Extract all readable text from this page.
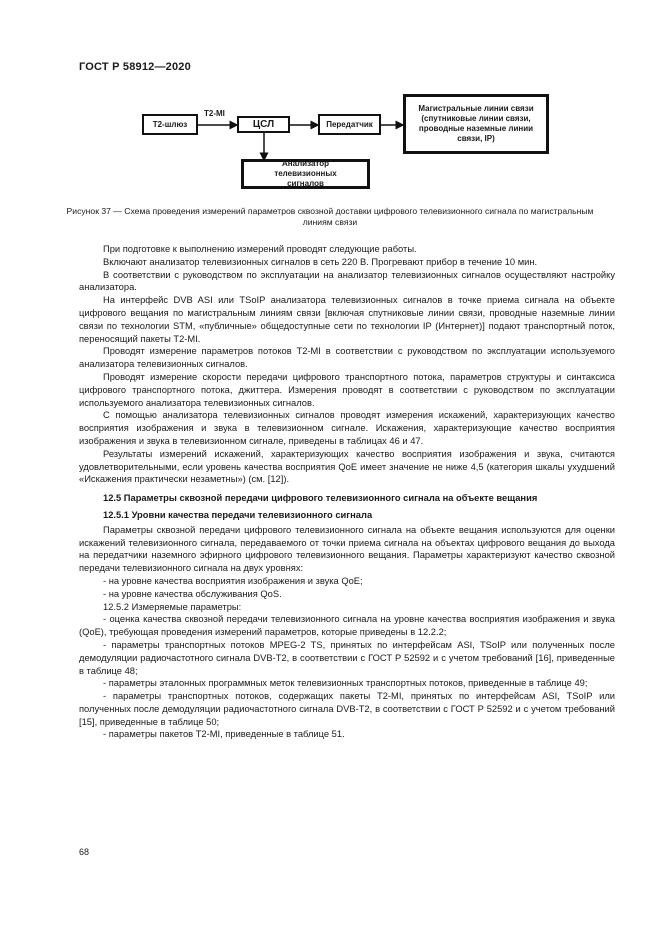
ГОСТ Р 58912—2020
Т2-шлюз
T2-MI
ЦСЛ	Передатчик
Магистральные линии связи (спутниковые линии связи, проводные наземные линии связи, IP)
Анализатор телевизионных сигналов
Рисунок 37 — Схема проведения измерений параметров сквозной доставки цифрового телевизионного сигнала по магистральным линиям связи

При подготовке к выполнению измерений проводят следующие работы.

Включают анализатор телевизионных сигналов в сеть 220 В. Прогревают прибор в течение 10 мин.

В соответствии с руководством по эксплуатации на анализатор телевизионных сигналов осуществляют настройку анализатора.

На интерфейс DVB ASI или TSoIP анализатора телевизионных сигналов в точке приема сигнала на объекте цифрового вещания по магистральным линиям связи [включая спутниковые линии связи, проводные наземные линии связи по технологии STM, «публичные» общедоступные сети по технологии IP (Интернет)] подают транспортный поток, переносящий пакеты T2-MI.

Проводят измерение параметров потоков T2-MI в соответствии с руководством по эксплуатации используемого анализатора телевизионных сигналов.

Проводят измерение скорости передачи цифрового транспортного потока, параметров структуры и синтаксиса цифрового транспортного потока, джиттера. Измерения проводят в соответствии с руководством по эксплуатации используемого анализатора телевизионных сигналов.

С помощью анализатора телевизионных сигналов проводят измерения искажений, характеризующих качество восприятия изображения и звука в телевизионном сигнале. Искажения, характеризующие качество восприятия изображения и звука в телевизионном сигнале, приведены в таблицах 46 и 47.

Результаты измерений искажений, характеризующих качество восприятия изображения и звука, считаются удовлетворительными, если уровень качества восприятия QoE имеет значение не ниже 4,5 (категория шкалы ухудшений «Искажения практически незаметны») (см. [12]).

12.5 Параметры сквозной передачи цифрового телевизионного сигнала на объекте вещания

12.5.1 Уровни качества передачи телевизионного сигнала

Параметры сквозной передачи цифрового телевизионного сигнала на объекте вещания используются для оценки искажений телевизионного сигнала, передаваемого от точки приема сигнала на объектах цифрового вещания до выхода на передатчики наземного эфирного цифрового телевизионного вещания. Параметры характеризуют качество сквозной передачи телевизионного сигнала на двух уровнях:

- на уровне качества восприятия изображения и звука QoE;

- на уровне качества обслуживания QoS.

12.5.2 Измеряемые параметры:

- оценка качества сквозной передачи телевизионного сигнала на уровне качества восприятия изображения и звука (QoE), требующая проведения измерений параметров, которые приведены в 12.2.2;

- параметры транспортных потоков MPEG-2 TS, принятых по интерфейсам ASI, TSoIP или полученных после демодуляции радиочастотного сигнала DVB-T2, в соответствии с ГОСТ Р 52592 и с учетом требований [16], приведенные в таблице 48;

- параметры эталонных программных меток телевизионных транспортных потоков, приведенные в таблице 49;

- параметры транспортных потоков, содержащих пакеты T2-MI, принятых по интерфейсам ASI, TSoIP или полученных после демодуляции радиочастотного сигнала DVB-T2, в соответствии с ГОСТ Р 52592 и с учетом требований [15], приведенные в таблице 50;

- параметры пакетов T2-MI, приведенные в таблице 51.

68
